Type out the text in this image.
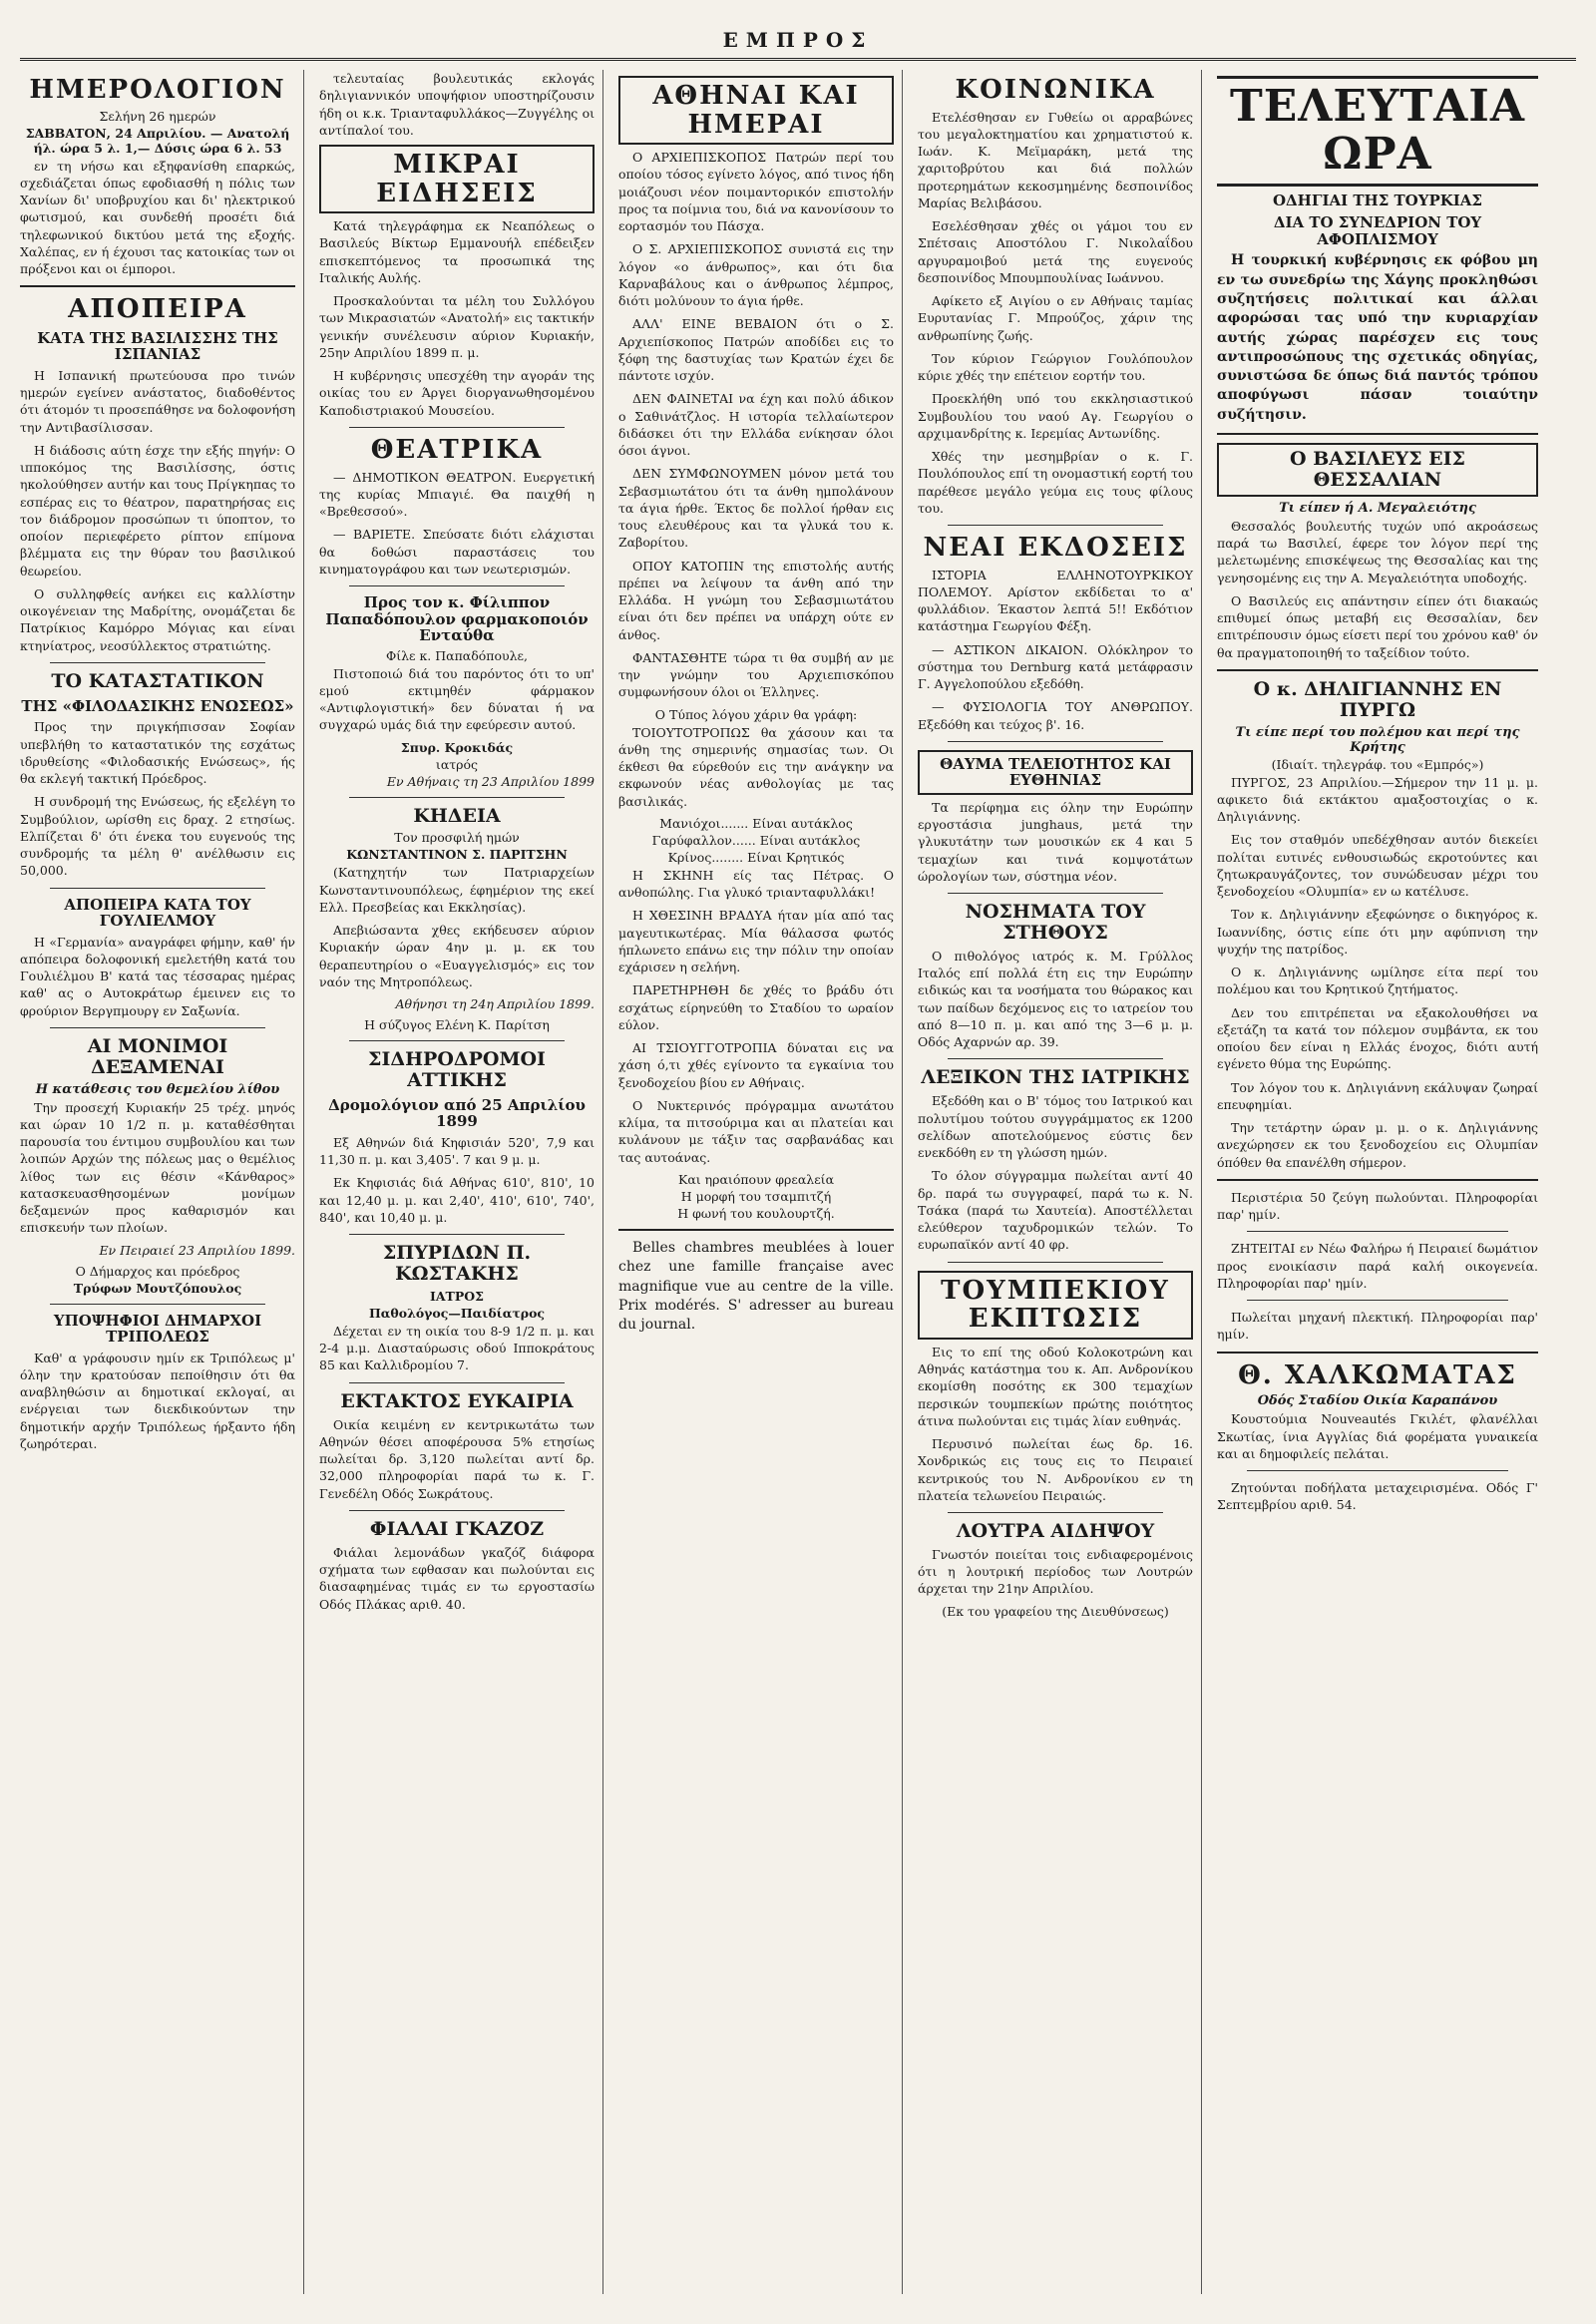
ΕΜΠΡΟΣ
ΗΜΕΡΟΛΟΓΙΟΝ
Σελήνη 26 ημερών
ΣΑΒΒΑΤΟΝ, 24 Απριλίου. — Ανατολή ήλ. ώρα 5 λ. 1,— Δύσις ώρα 6 λ. 53

εν τη νήσω και εξηφανίσθη επαρκώς, σχεδιάζεται όπως εφοδιασθή η πόλις των Χανίων δι' υποβρυχίου και δι' ηλεκτρικού φωτισμού, και συνδεθή προσέτι διά τηλεφωνικού δικτύου μετά της εξοχής. Χαλέπας, εν ή έχουσι τας κατοικίας των οι πρόξενοι και οι έμποροι.

ΑΠΟΠΕΙΡΑ
ΚΑΤΑ ΤΗΣ ΒΑΣΙΛΙΣΣΗΣ ΤΗΣ ΙΣΠΑΝΙΑΣ

Η Ισπανική πρωτεύουσα προ τινών ημερών εγείνεν ανάστατος, διαδοθέντος ότι άτομόν τι προσεπάθησε να δολοφονήση την Αντιβασίλισσαν.

Η διάδοσις αύτη έσχε την εξής πηγήν: Ο ιπποκόμος της Βασιλίσσης, όστις ηκολούθησεν αυτήν και τους Πρίγκηπας το εσπέρας εις το θέατρον, παρατηρήσας εις τον διάδρομον προσώπων τι ύποπτον, το οποίον περιεφέρετο ρίπτον επίμονα βλέμματα εις την θύραν του βασιλικού θεωρείου.

Ο συλληφθείς ανήκει εις καλλίστην οικογένειαν της Μαδρίτης, ονομάζεται δε Πατρίκιος Καμόρρο Μόγιας και είναι κτηνίατρος, νεοσύλλεκτος στρατιώτης.

ΤΟ ΚΑΤΑΣΤΑΤΙΚΟΝ
ΤΗΣ «ΦΙΛΟΔΑΣΙΚΗΣ ΕΝΩΣΕΩΣ»

Προς την πριγκήπισσαν Σοφίαν υπεβλήθη το καταστατικόν της εσχάτως ιδρυθείσης «Φιλοδασικής Ενώσεως», ής θα εκλεγή τακτική Πρόεδρος.

Η συνδρομή της Ενώσεως, ής εξελέγη το Συμβούλιον, ωρίσθη εις δραχ. 2 ετησίως. Ελπίζεται δ' ότι ένεκα του ευγενούς της συνδρομής τα μέλη θ' ανέλθωσιν εις 50,000.

ΑΠΟΠΕΙΡΑ ΚΑΤΑ ΤΟΥ ΓΟΥΛΙΕΛΜΟΥ

Η «Γερμανία» αναγράφει φήμην, καθ' ήν απόπειρα δολοφονική εμελετήθη κατά του Γουλιέλμου Β' κατά τας τέσσαρας ημέρας καθ' ας ο Αυτοκράτωρ έμεινεν εις το φρούριον Βεργπμουργ εν Σαξωνία.

ΑΙ ΜΟΝΙΜΟΙ ΔΕΞΑΜΕΝΑΙ
Η κατάθεσις του θεμελίου λίθου

Την προσεχή Κυριακήν 25 τρέχ. μηνός και ώραν 10 1/2 π. μ. καταθέσθηται παρουσία του έντιμου συμβουλίου και των λοιπών Αρχών της πόλεως μας ο θεμέλιος λίθος των εις θέσιν «Κάνθαρος» κατασκευασθησομένων μονίμων δεξαμενών προς καθαρισμόν και επισκευήν των πλοίων.

Εν Πειραιεί 23 Απριλίου 1899.
Ο Δήμαρχος και πρόεδρος
Τρύφων Μουτζόπουλος
ΥΠΟΨΗΦΙΟΙ ΔΗΜΑΡΧΟΙ ΤΡΙΠΟΛΕΩΣ

Καθ' α γράφουσιν ημίν εκ Τριπόλεως μ' όλην την κρατούσαν πεποίθησιν ότι θα αναβληθώσιν αι δημοτικαί εκλογαί, αι ενέργειαι των διεκδικούντων την δημοτικήν αρχήν Τριπόλεως ήρξαντο ήδη ζωηρότεραι.

τελευταίας βουλευτικάς εκλογάς δηλιγιαννικόν υποψήφιον υποστηρίζουσιν ήδη οι κ.κ. Τριανταφυλλάκος—Ζυγγέλης οι αντίπαλοί του.

ΜΙΚΡΑΙ ΕΙΔΗΣΕΙΣ

Κατά τηλεγράφημα εκ Νεαπόλεως ο Βασιλεύς Βίκτωρ Εμμανουήλ επέδειξεν επισκεπτόμενος τα προσωπικά της Ιταλικής Αυλής.

Προσκαλούνται τα μέλη του Συλλόγου των Μικρασιατών «Ανατολή» εις τακτικήν γενικήν συνέλευσιν αύριον Κυριακήν, 25ην Απριλίου 1899 π. μ.

Η κυβέρνησις υπεσχέθη την αγοράν της οικίας του εν Άργει διοργανωθησομένου Καποδιστριακού Μουσείου.

ΘΕΑΤΡΙΚΑ

— ΔΗΜΟΤΙΚΟΝ ΘΕΑΤΡΟΝ. Ευεργετική της κυρίας Μπιαγιέ. Θα παιχθή η «Βρεθεσσού».

— ΒΑΡΙΕΤΕ. Σπεύσατε διότι ελάχισται θα δοθώσι παραστάσεις του κινηματογράφου και των νεωτερισμών.

Προς τον κ. Φίλιππον Παπαδόπουλον φαρμακοποιόν Ενταύθα
Φίλε κ. Παπαδόπουλε,

Πιστοποιώ διά του παρόντος ότι το υπ' εμού εκτιμηθέν φάρμακον «Αντιφλογιστική» δεν δύναται ή να συγχαρώ υμάς διά την εφεύρεσιν αυτού.

Σπυρ. Κροκιδάς
ιατρός
Εν Αθήναις τη 23 Απριλίου 1899
ΚΗΔΕΙΑ
Τον προσφιλή ημών
ΚΩΝΣΤΑΝΤΙΝΟΝ Σ. ΠΑΡΙΤΣΗΝ

(Κατηχητήν των Πατριαρχείων Κωνσταντινουπόλεως, έφημέριον της εκεί Ελλ. Πρεσβείας και Εκκλησίας).

Απεβιώσαντα χθες εκήδευσεν αύριον Κυριακήν ώραν 4ην μ. μ. εκ του θεραπευτηρίου ο «Ευαγγελισμός» εις τον ναόν της Μητροπόλεως.

Αθήνησι τη 24η Απριλίου 1899.
Η σύζυγος Ελένη Κ. Παρίτση
ΣΙΔΗΡΟΔΡΟΜΟΙ ΑΤΤΙΚΗΣ
Δρομολόγιον από 25 Απριλίου 1899

Εξ Αθηνών διά Κηφισιάν 520', 7,9 και 11,30 π. μ. και 3,405'. 7 και 9 μ. μ.

Εκ Κηφισιάς διά Αθήνας 610', 810', 10 και 12,40 μ. μ. και 2,40', 410', 610', 740', 840', και 10,40 μ. μ.

ΣΠΥΡΙΔΩΝ Π. ΚΩΣΤΑΚΗΣ
ΙΑΤΡΟΣ
Παθολόγος—Παιδίατρος

Δέχεται εν τη οικία του 8-9 1/2 π. μ. και 2-4 μ.μ. Διασταύρωσις οδού Ιπποκράτους 85 και Καλλιδρομίου 7.

ΕΚΤΑΚΤΟΣ ΕΥΚΑΙΡΙΑ

Οικία κειμένη εν κεντρικωτάτω των Αθηνών θέσει αποφέρουσα 5% ετησίως πωλείται δρ. 3,120 πωλείται αντί δρ. 32,000 πληροφορίαι παρά τω κ. Γ. Γενεδέλη Οδός Σωκράτους.

ΦΙΑΛΑΙ ΓΚΑΖΟΖ

Φιάλαι λεμονάδων γκαζόζ διάφορα σχήματα των εφθασαν και πωλούνται εις διασαφημένας τιμάς εν τω εργοστασίω Οδός Πλάκας αριθ. 40.

ΑΘΗΝΑΙ ΚΑΙ ΗΜΕΡΑΙ

Ο ΑΡΧΙΕΠΙΣΚΟΠΟΣ Πατρών περί του οποίου τόσος εγίνετο λόγος, από τινος ήδη μοιάζουσι νέον ποιμαντορικόν επιστολήν προς τα ποίμνια του, διά να κανονίσουν το εορτασμόν του Πάσχα.

Ο Σ. ΑΡΧΙΕΠΙΣΚΟΠΟΣ συνιστά εις την λόγον «ο άνθρωπος», και ότι δια Καρναβάλους και ο άνθρωπος λέμπρος, διότι μολύνουν το άγια ήρθε.

ΑΛΛ' ΕΙΝΕ ΒΕΒΑΙΟΝ ότι ο Σ. Αρχιεπίσκοπος Πατρών αποδίδει εις το ξόφη της δαστυχίας των Κρατών έχει δε πάντοτε ισχύν.

ΔΕΝ ΦΑΙΝΕΤΑΙ να έχη και πολύ άδικον ο Σαθινάτζλος. Η ιστορία τελλαίωτερον διδάσκει ότι την Ελλάδα ενίκησαν όλοι όσοι άγνοι.

ΔΕΝ ΣΥΜΦΩΝΟΥΜΕΝ μόνον μετά του Σεβασμιωτάτου ότι τα άνθη ημπολάνουν τα άγια ήρθε. Έκτος δε πολλοί ήρθαν εις τους ελευθέρους και τα γλυκά του κ. Ζαβορίτου.

ΟΠΟΥ ΚΑΤΟΠΙΝ της επιστολής αυτής πρέπει να λείψουν τα άνθη από την Ελλάδα. Η γνώμη του Σεβασμιωτάτου είναι ότι δεν πρέπει να υπάρχη ούτε εν άνθος.

ΦΑΝΤΑΣΘΗΤΕ τώρα τι θα συμβή αν με την γνώμην του Αρχιεπισκόπου συμφωνήσουν όλοι οι Έλληνες.

Ο Τύπος λόγου χάριν θα γράφη:

ΤΟΙΟΥΤΟΤΡΟΠΩΣ θα χάσουν και τα άνθη της σημερινής σημασίας των. Οι έκθεσι θα εύρεθούν εις την ανάγκην να εκφωνούν νέας ανθολογίας με τας βασιλικάς.

Μανιόχοι....... Είναι αυτάκλος
Γαρύφαλλον...... Είναι αυτάκλος
Κρίνος........ Είναι Κρητικός

Η ΣΚΗΝΗ είς τας Πέτρας. Ο ανθοπώλης. Για γλυκό τριανταφυλλάκι!

Η ΧΘΕΣΙΝΗ ΒΡΑΔΥΑ ήταν μία από τας μαγευτικωτέρας. Μία θάλασσα φωτός ήπλωνετο επάνω εις την πόλιν την οποίαν εχάρισεν η σελήνη.

ΠΑΡΕΤΗΡΗΘΗ δε χθές το βράδυ ότι εσχάτως είρηνεύθη το Σταδίου το ωραίον εύλον.

ΑΙ ΤΣΙΟΥΓΓΟΤΡΟΠΙΑ δύναται εις να χάση ό,τι χθές εγίνοντο τα εγκαίνια του ξενοδοχείου βίου εν Αθήναις.

Ο Νυκτερινός πρόγραμμα ανωτάτου κλίμα, τα πιτσούριμα και αι πλατείαι και κυλάνουν με τάξιν τας σαρβανάδας και τας αυτοάνας.

Και ηραιόπουν φρεαλεία
Η μορφή του τσαμπιτζή
Η φωνή του κουλουρτζή.

Belles chambres meublées à louer chez une famille française avec magnifique vue au centre de la ville. Prix modérés. S' adresser au bureau du journal.

ΚΟΙΝΩΝΙΚΑ

Ετελέσθησαν εν Γυθείω οι αρραβώνες του μεγαλοκτηματίου και χρηματιστού κ. Ιωάν. Κ. Μεϊμαράκη, μετά της χαριτοβρύτου και διά πολλών προτερημάτων κεκοσμημένης δεσποινίδος Μαρίας Βελιβάσου.

Εσελέσθησαν χθές οι γάμοι του εν Σπέτσαις Αποστόλου Γ. Νικολαΐδου αργυραμοιβού μετά της ευγενούς δεσποινίδος Μπουμπουλίνας Ιωάννου.

Αφίκετο εξ Αιγίου ο εν Αθήναις ταμίας Ευρυτανίας Γ. Μπρούζος, χάριν της ανθρωπίνης ζωής.

Τον κύριον Γεώργιον Γουλόπουλον κύριε χθές την επέτειον εορτήν του.

Προεκλήθη υπό του εκκλησιαστικού Συμβουλίου του ναού Αγ. Γεωργίου ο αρχιμανδρίτης κ. Ιερεμίας Αντωνίδης.

Χθές την μεσημβρίαν ο κ. Γ. Πουλόπουλος επί τη ονομαστική εορτή του παρέθεσε μεγάλο γεύμα εις τους φίλους του.

ΝΕΑΙ ΕΚΔΟΣΕΙΣ

ΙΣΤΟΡΙΑ ΕΛΛΗΝΟΤΟΥΡΚΙΚΟΥ ΠΟΛΕΜΟΥ. Αρίστον εκδίδεται το α' φυλλάδιον. Έκαστον λεπτά 5!! Εκδότιον κατάστημα Γεωργίου Φέξη.

— ΑΣΤΙΚΟΝ ΔΙΚΑΙΟΝ. Ολόκληρον το σύστημα του Dernburg κατά μετάφρασιν Γ. Αγγελοπούλου εξεδόθη.

— ΦΥΣΙΟΛΟΓΙΑ ΤΟΥ ΑΝΘΡΩΠΟΥ. Εξεδόθη και τεύχος β'. 16.

ΘΑΥΜΑ ΤΕΛΕΙΟΤΗΤΟΣ ΚΑΙ ΕΥΘΗΝΙΑΣ

Τα περίφημα εις όλην την Ευρώπην εργοστάσια junghaus, μετά την γλυκυτάτην των μουσικών εκ 4 και 5 τεμαχίων και τινά κομψοτάτων ώρολογίων των, σύστημα νέον.

ΝΟΣΗΜΑΤΑ ΤΟΥ ΣΤΗΘΟΥΣ

Ο πιθολόγος ιατρός κ. Μ. Γρύλλος Ιταλός επί πολλά έτη εις την Ευρώπην ειδικώς και τα νοσήματα του θώρακος και των παίδων δεχόμενος εις το ιατρείον του από 8—10 π. μ. και από της 3—6 μ. μ. Οδός Αχαρνών αρ. 39.

ΛΕΞΙΚΟΝ ΤΗΣ ΙΑΤΡΙΚΗΣ

Εξεδόθη και ο Β' τόμος του Ιατρικού και πολυτίμου τούτου συγγράμματος εκ 1200 σελίδων αποτελούμενος εύστις δεν ενεκδόθη εν τη γλώσση ημών.

Το όλον σύγγραμμα πωλείται αντί 40 δρ. παρά τω συγγραφεί, παρά τω κ. Ν. Τσάκα (παρά τω Χαυτεία). Αποστέλλεται ελεύθερον ταχυδρομικών τελών. Το ευρωπαϊκόν αντί 40 φρ.

ΤΟΥΜΠΕΚΙΟΥ ΕΚΠΤΩΣΙΣ

Εις το επί της οδού Κολοκοτρώνη και Αθηνάς κατάστημα του κ. Απ. Ανδρονίκου εκομίσθη ποσότης εκ 300 τεμαχίων περσικών τουμπεκίων πρώτης ποιότητος άτινα πωλούνται εις τιμάς λίαν ευθηνάς.

Περυσινό πωλείται έως δρ. 16. Χονδρικώς εις τους εις το Πειραιεί κεντρικούς του Ν. Ανδρονίκου εν τη πλατεία τελωνείου Πειραιώς.

ΛΟΥΤΡΑ ΑΙΔΗΨΟΥ

Γνωστόν ποιείται τοις ενδιαφερομένοις ότι η λουτρική περίοδος των Λουτρών άρχεται την 21ην Απριλίου.

(Εκ του γραφείου της Διευθύνσεως)
ΤΕΛΕΥΤΑΙΑ ΩΡΑ
ΟΔΗΓΙΑΙ ΤΗΣ ΤΟΥΡΚΙΑΣ
ΔΙΑ ΤΟ ΣΥΝΕΔΡΙΟΝ ΤΟΥ ΑΦΟΠΛΙΣΜΟΥ

Η τουρκική κυβέρνησις εκ φόβου μη εν τω συνεδρίω της Χάγης προκληθώσι συζητήσεις πολιτικαί και άλλαι αφορώσαι τας υπό την κυριαρχίαν αυτής χώρας παρέσχεν εις τους αντιπροσώπους της σχετικάς οδηγίας, συνιστώσα δε όπως διά παντός τρόπου αποφύγωσι πάσαν τοιαύτην συζήτησιν.

Ο ΒΑΣΙΛΕΥΣ ΕΙΣ ΘΕΣΣΑΛΙΑΝ
Τι είπεν ή Α. Μεγαλειότης

Θεσσαλός βουλευτής τυχών υπό ακροάσεως παρά τω Βασιλεί, έφερε τον λόγον περί της μελετωμένης επισκέψεως της Θεσσαλίας και της γενησομένης εις την Α. Μεγαλειότητα υποδοχής.

Ο Βασιλεύς εις απάντησιν είπεν ότι διακαώς επιθυμεί όπως μεταβή εις Θεσσαλίαν, δεν επιτρέπουσιν όμως είσετι περί του χρόνου καθ' όν θα πραγματοποιηθή το ταξείδιον τούτο.

Ο κ. ΔΗΛΙΓΙΑΝΝΗΣ ΕΝ ΠΥΡΓΩ
Τι είπε περί του πολέμου και περί της Κρήτης
(Ιδιαίτ. τηλεγράφ. του «Εμπρός»)

ΠΥΡΓΟΣ, 23 Απριλίου.—Σήμερον την 11 μ. μ. αφικετο διά εκτάκτου αμαξοστοιχίας ο κ. Δηλιγιάννης.

Εις τον σταθμόν υπεδέχθησαν αυτόν διεκείει πολίται ευτινές ενθουσιωδώς εκροτούντες και ζητωκραυγάζοντες, τον συνώδευσαν μέχρι του ξενοδοχείου «Ολυμπία» εν ω κατέλυσε.

Τον κ. Δηλιγιάννην εξεφώνησε ο δικηγόρος κ. Ιωαννίδης, όστις είπε ότι μην αφύπνιση την ψυχήν της πατρίδος.

Ο κ. Δηλιγιάννης ωμίλησε είτα περί του πολέμου και του Κρητικού ζητήματος.

Δεν του επιτρέπεται να εξακολουθήσει να εξετάζη τα κατά τον πόλεμον συμβάντα, εκ του οποίου δεν είναι η Ελλάς ένοχος, διότι αυτή εγένετο θύμα της Ευρώπης.

Τον λόγον του κ. Δηλιγιάννη εκάλυψαν ζωηραί επευφημίαι.

Την τετάρτην ώραν μ. μ. ο κ. Δηλιγιάννης ανεχώρησεν εκ του ξενοδοχείου εις Ολυμπίαν όπόθεν θα επανέλθη σήμερον.

Περιστέρια 50 ζεύγη πωλούνται. Πληροφορίαι παρ' ημίν.

ΖΗΤΕΙΤΑΙ εν Νέω Φαλήρω ή Πειραιεί δωμάτιον προς ενοικίασιν παρά καλή οικογενεία. Πληροφορίαι παρ' ημίν.

Πωλείται μηχανή πλεκτική. Πληροφορίαι παρ' ημίν.

Θ. ΧΑΛΚΩΜΑΤΑΣ
Οδός Σταδίου Οικία Καραπάνου

Κουστούμια Nouveautés Γκιλέτ, φλανέλλαι Σκωτίας, ίνια Αγγλίας διά φορέματα γυναικεία και αι δημοφιλείς πελάται.

Ζητούνται ποδήλατα μεταχειρισμένα. Οδός Γ' Σεπτεμβρίου αριθ. 54.
